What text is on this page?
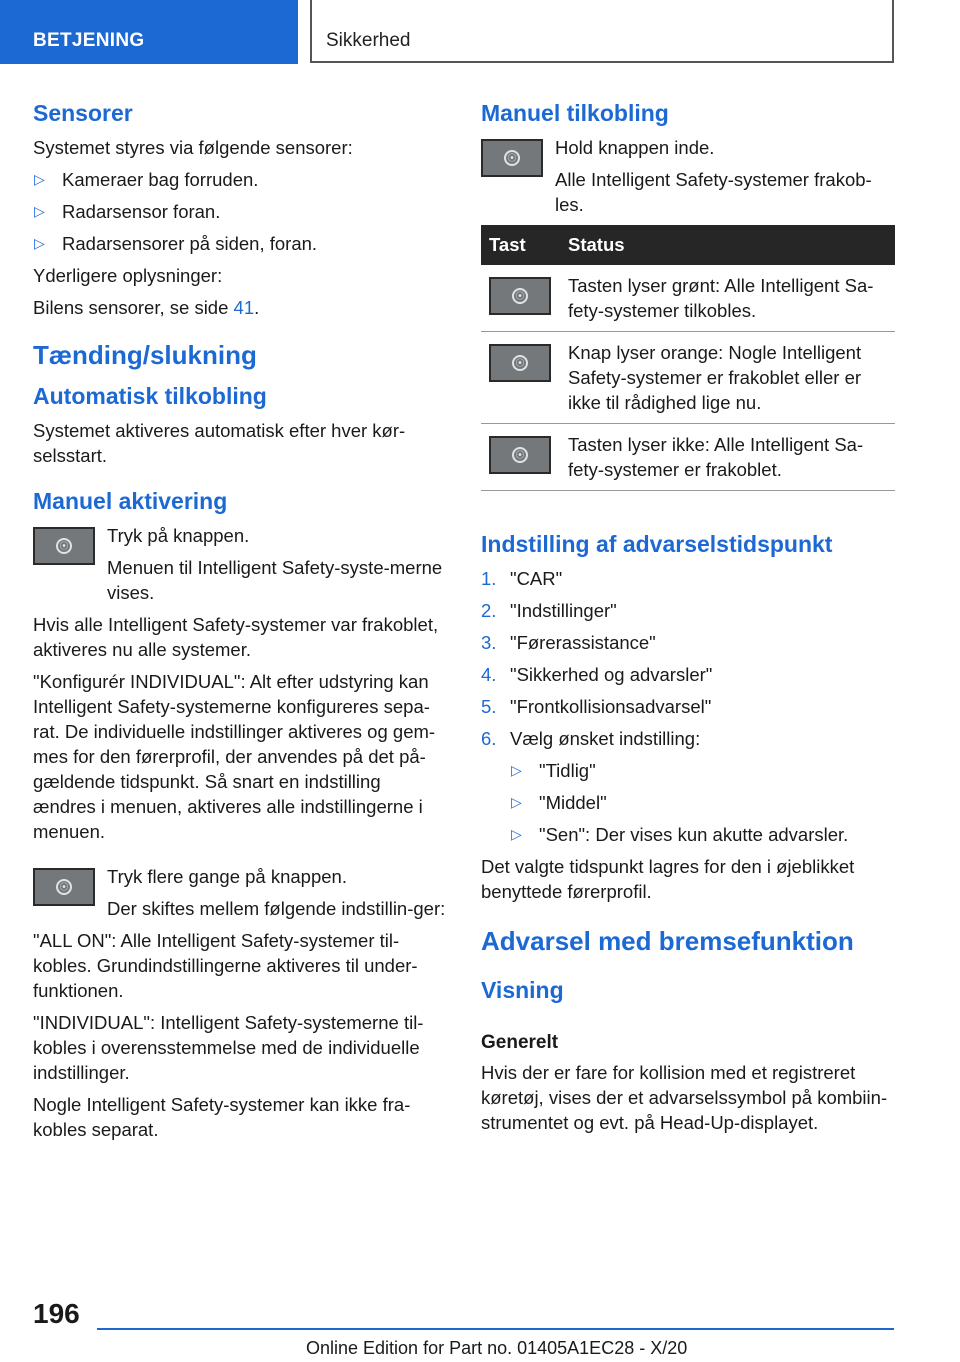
BETJENING	Sikkerhed
Sensorer
Systemet styres via følgende sensorer:
▷ Kameraer bag forruden.
▷ Radarsensor foran.
▷ Radarsensorer på siden, foran.
Yderligere oplysninger:
Bilens sensorer, se side 41.
Tænding/slukning
Automatisk tilkobling
Systemet aktiveres automatisk efter hver kør-selsstart.
Manuel aktivering
⦿	Tryk på knappen.
Menuen til Intelligent Safety-syste-merne vises.
Hvis alle Intelligent Safety-systemer var frakoblet, aktiveres nu alle systemer.
"Konfigurér INDIVIDUAL": Alt efter udstyring kan Intelligent Safety-systemerne konfigureres sepa-rat. De individuelle indstillinger aktiveres og gem-mes for den førerprofil, der anvendes på det på-gældende tidspunkt. Så snart en indstilling ændres i menuen, aktiveres alle indstillingerne i menuen.
⦿	Tryk flere gange på knappen.
Der skiftes mellem følgende indstillin-ger:
"ALL ON": Alle Intelligent Safety-systemer til-kobles. Grundindstillingerne aktiveres til under-funktionen.
"INDIVIDUAL": Intelligent Safety-systemerne til-kobles i overensstemmelse med de individuelle indstillinger.
Nogle Intelligent Safety-systemer kan ikke fra-kobles separat.
Manuel tilkobling
⦿	Hold knappen inde.
Alle Intelligent Safety-systemer frakob-les.
Tast	Status

⦿	Tasten lyser grønt: Alle Intelligent Sa-fety-systemer tilkobles.

⦿	Knap lyser orange: Nogle Intelligent Safety-systemer er frakoblet eller er ikke til rådighed lige nu.

⦿	Tasten lyser ikke: Alle Intelligent Sa-fety-systemer er frakoblet.
Indstilling af advarselstidspunkt
1. "CAR"
2. "Indstillinger"
3. "Førerassistance"
4. "Sikkerhed og advarsler"
5. "Frontkollisionsadvarsel"
6. Vælg ønsket indstilling:
▷ "Tidlig"
▷ "Middel"
▷ "Sen": Der vises kun akutte advarsler.
Det valgte tidspunkt lagres for den i øjeblikket benyttede førerprofil.
Advarsel med bremsefunktion
Visning
Generelt
Hvis der er fare for kollision med et registreret køretøj, vises der et advarselssymbol på kombiin-strumentet og evt. på Head-Up-displayet.
196
Online Edition for Part no. 01405A1EC28 - X/20
